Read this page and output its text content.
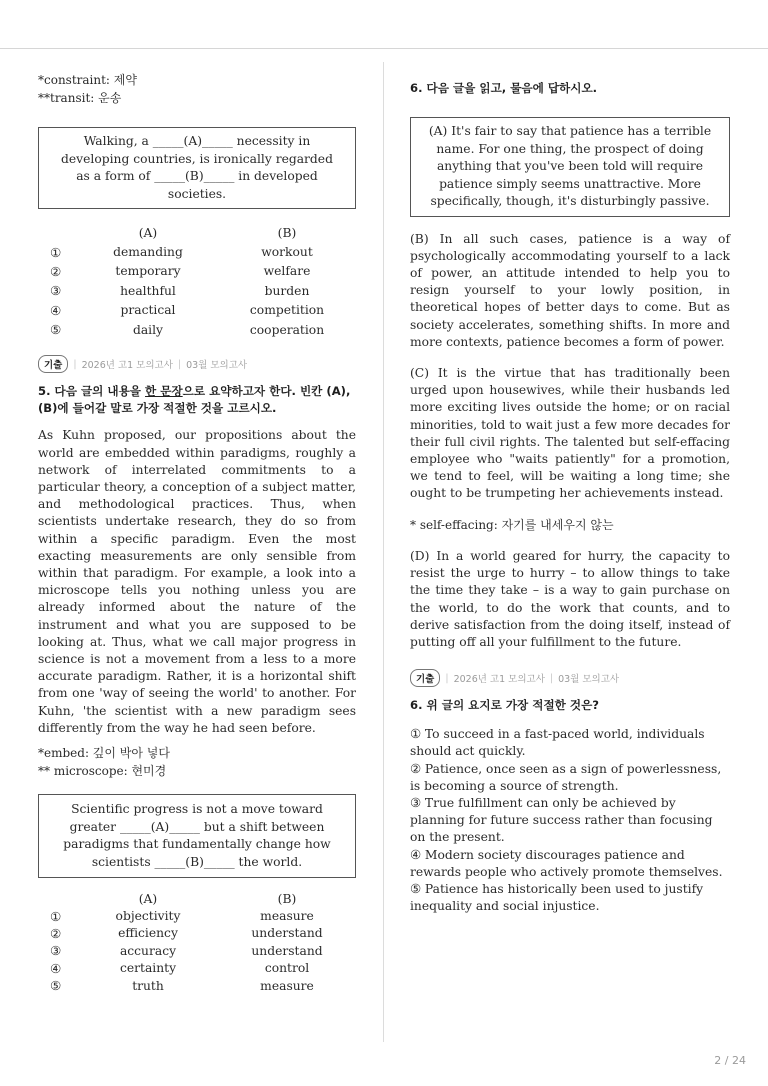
*constraint: 제약
**transit: 운송
Walking, a _____(A)_____ necessity in developing countries, is ironically regarded as a form of _____(B)_____ in developed societies.
(A)	(B)
①	demanding	workout
②	temporary	welfare
③	healthful	burden
④	practical	competition
⑤	daily	cooperation
기출	| 2026년 고1 모의고사 | 03월 모의고사
5. 다음 글의 내용을 한 문장으로 요약하고자 한다. 빈칸 (A), (B)에 들어갈 말로 가장 적절한 것을 고르시오.
As Kuhn proposed, our propositions about the world are embedded within paradigms, roughly a network of interrelated commitments to a particular theory, a conception of a subject matter, and methodological practices. Thus, when scientists undertake research, they do so from within a specific paradigm. Even the most exacting measurements are only sensible from within that paradigm. For example, a look into a microscope tells you nothing unless you are already informed about the nature of the instrument and what you are supposed to be looking at. Thus, what we call major progress in science is not a movement from a less to a more accurate paradigm. Rather, it is a horizontal shift from one 'way of seeing the world' to another. For Kuhn, 'the scientist with a new paradigm sees differently from the way he had seen before.
*embed: 깊이 박아 넣다
** microscope: 현미경
Scientific progress is not a move toward greater _____(A)_____ but a shift between paradigms that fundamentally change how scientists _____(B)_____ the world.
(A)	(B)
①	objectivity	measure
②	efficiency	understand
③	accuracy	understand
④	certainty	control
⑤	truth	measure
6. 다음 글을 읽고, 물음에 답하시오.
(A) It's fair to say that patience has a terrible name. For one thing, the prospect of doing anything that you've been told will require patience simply seems unattractive. More specifically, though, it's disturbingly passive.
(B) In all such cases, patience is a way of psychologically accommodating yourself to a lack of power, an attitude intended to help you to resign yourself to your lowly position, in theoretical hopes of better days to come. But as society accelerates, something shifts. In more and more contexts, patience becomes a form of power.
(C) It is the virtue that has traditionally been urged upon housewives, while their husbands led more exciting lives outside the home; or on racial minorities, told to wait just a few more decades for their full civil rights. The talented but self-effacing employee who "waits patiently" for a promotion, we tend to feel, will be waiting a long time; she ought to be trumpeting her achievements instead.
* self-effacing: 자기를 내세우지 않는
(D) In a world geared for hurry, the capacity to resist the urge to hurry – to allow things to take the time they take – is a way to gain purchase on the world, to do the work that counts, and to derive satisfaction from the doing itself, instead of putting off all your fulfillment to the future.
기출	| 2026년 고1 모의고사 | 03월 모의고사
6. 위 글의 요지로 가장 적절한 것은?
① To succeed in a fast-paced world, individuals should act quickly.
② Patience, once seen as a sign of powerlessness, is becoming a source of strength.
③ True fulfillment can only be achieved by planning for future success rather than focusing on the present.
④ Modern society discourages patience and rewards people who actively promote themselves.
⑤ Patience has historically been used to justify inequality and social injustice.
2 / 24
